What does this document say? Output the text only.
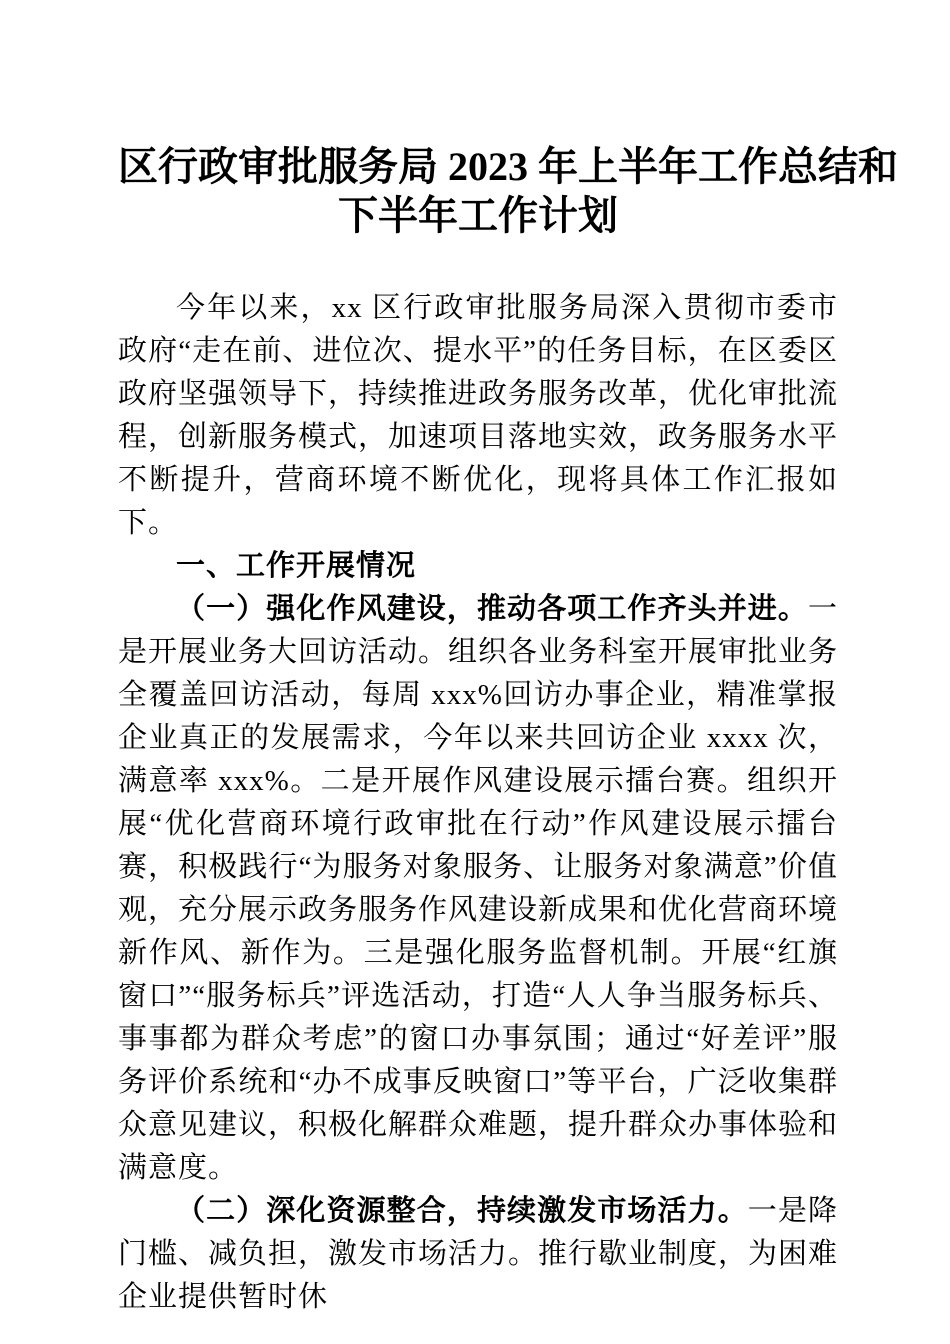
区行政审批服务局 2023 年上半年工作总结和
下半年工作计划

今年以来，xx 区行政审批服务局深入贯彻市委市政府“走在前、进位次、提水平”的任务目标，在区委区政府坚强领导下，持续推进政务服务改革，优化审批流程，创新服务模式，加速项目落地实效，政务服务水平不断提升，营商环境不断优化，现将具体工作汇报如下。

一、工作开展情况

（一）强化作风建设，推动各项工作齐头并进。一是开展业务大回访活动。组织各业务科室开展审批业务全覆盖回访活动，每周 xxx%回访办事企业，精准掌报企业真正的发展需求，今年以来共回访企业 xxxx 次，满意率 xxx%。二是开展作风建设展示擂台赛。组织开展“优化营商环境行政审批在行动”作风建设展示擂台赛，积极践行“为服务对象服务、让服务对象满意”价值观，充分展示政务服务作风建设新成果和优化营商环境新作风、新作为。三是强化服务监督机制。开展“红旗窗口”“服务标兵”评选活动，打造“人人争当服务标兵、事事都为群众考虑”的窗口办事氛围；通过“好差评”服务评价系统和“办不成事反映窗口”等平台，广泛收集群众意见建议，积极化解群众难题，提升群众办事体验和满意度。

（二）深化资源整合，持续激发市场活力。一是降门槛、减负担，激发市场活力。推行歇业制度，为困难企业提供暂时休
